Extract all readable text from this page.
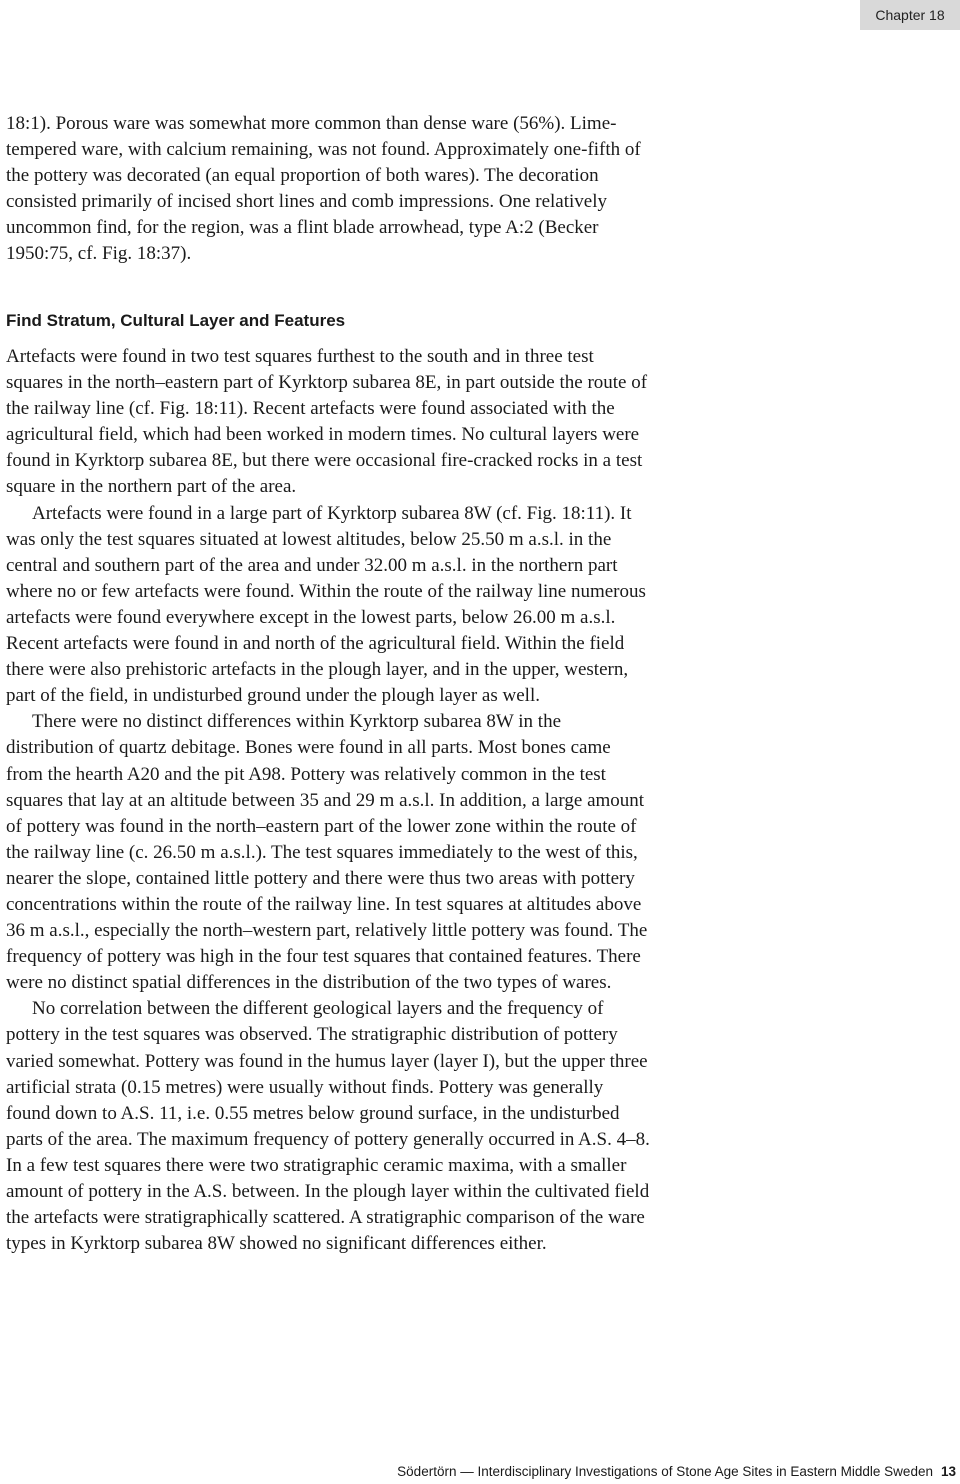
Chapter 18

18:1). Porous ware was somewhat more common than dense ware (56%). Lime-tempered ware, with calcium remaining, was not found. Approximately one-fifth of the pottery was decorated (an equal proportion of both wares). The decoration consisted primarily of incised short lines and comb impressions. One relatively uncommon find, for the region, was a flint blade arrowhead, type A:2 (Becker 1950:75, cf. Fig. 18:37).

Find Stratum, Cultural Layer and Features

Artefacts were found in two test squares furthest to the south and in three test squares in the north–eastern part of Kyrktorp subarea 8E, in part outside the route of the railway line (cf. Fig. 18:11). Recent artefacts were found associated with the agricultural field, which had been worked in modern times. No cultural layers were found in Kyrktorp subarea 8E, but there were occasional fire-cracked rocks in a test square in the northern part of the area.

Artefacts were found in a large part of Kyrktorp subarea 8W (cf. Fig. 18:11). It was only the test squares situated at lowest altitudes, below 25.50 m a.s.l. in the central and southern part of the area and under 32.00 m a.s.l. in the northern part where no or few artefacts were found. Within the route of the railway line numerous artefacts were found everywhere except in the lowest parts, below 26.00 m a.s.l. Recent artefacts were found in and north of the agricultural field. Within the field there were also prehistoric artefacts in the plough layer, and in the upper, western, part of the field, in undisturbed ground under the plough layer as well.

There were no distinct differences within Kyrktorp subarea 8W in the distribution of quartz debitage. Bones were found in all parts. Most bones came from the hearth A20 and the pit A98. Pottery was relatively common in the test squares that lay at an altitude between 35 and 29 m a.s.l. In addition, a large amount of pottery was found in the north–eastern part of the lower zone within the route of the railway line (c. 26.50 m a.s.l.). The test squares immediately to the west of this, nearer the slope, contained little pottery and there were thus two areas with pottery concentrations within the route of the railway line. In test squares at altitudes above 36 m a.s.l., especially the north–western part, relatively little pottery was found. The frequency of pottery was high in the four test squares that contained features. There were no distinct spatial differences in the distribution of the two types of wares.

No correlation between the different geological layers and the frequency of pottery in the test squares was observed. The stratigraphic distribution of pottery varied somewhat. Pottery was found in the humus layer (layer I), but the upper three artificial strata (0.15 metres) were usually without finds. Pottery was generally found down to A.S. 11, i.e. 0.55 metres below ground surface, in the undisturbed parts of the area. The maximum frequency of pottery generally occurred in A.S. 4–8. In a few test squares there were two stratigraphic ceramic maxima, with a smaller amount of pottery in the A.S. between. In the plough layer within the cultivated field the artefacts were stratigraphically scattered. A stratigraphic comparison of the ware types in Kyrktorp subarea 8W showed no significant differences either.

Södertörn — Interdisciplinary Investigations of Stone Age Sites in Eastern Middle Sweden 13
